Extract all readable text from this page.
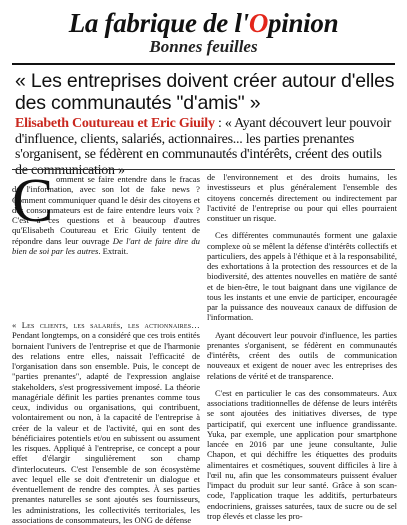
La fabrique de l'Opinion
Bonnes feuilles
« Les entreprises doivent créer autour d'elles des communautés "d'amis" »
Elisabeth Coutureau et Eric Giuily : « Ayant découvert leur pouvoir d'influence, clients, salariés, actionnaires... les parties prenantes s'organisent, se fédèrent en communautés d'intérêts, créent des outils de communication »
C omment se faire entendre dans le fracas de l'information, avec son lot de fake news ? Comment communiquer quand le désir des citoyens et des consommateurs est de faire entendre leurs voix ? C'est à ces questions et à beaucoup d'autres qu'Elisabeth Coutureau et Eric Giuily tentent de répondre dans leur ouvrage De l'art de faire dire du bien de soi par les autres. Extrait.

« Les clients, les salariés, les actionnaires… Pendant longtemps, on a considéré que ces trois entités bornaient l'univers de l'entreprise et que de l'harmonie des relations entre elles, naissait l'efficacité de l'organisation dans son ensemble. Puis, le concept de "parties prenantes", adapté de l'expression anglaise stakeholders, s'est progressivement imposé. La théorie managériale définit les parties prenantes comme tous ceux, individus ou organisations, qui contribuent, volontairement ou non, à la capacité de l'entreprise à créer de la valeur et de l'activité, qui en sont des bénéficiaires potentiels et/ou en subissent ou assument les risques. Appliqué à l'entreprise, ce concept a pour effet d'élargir singulièrement son champ d'interlocuteurs. C'est l'ensemble de son écosystème avec lequel elle se doit d'entretenir un dialogue et éventuellement de rendre des comptes. À ses parties prenantes naturelles se sont ajoutés ses fournisseurs, les administrations, les collectivités territoriales, les associations de consommateurs, les ONG de défense

de l'environnement et des droits humains, les investisseurs et plus généralement l'ensemble des citoyens concernés directement ou indirectement par l'activité de l'entreprise ou pour qui elles pourraient constituer un risque.

Ces différentes communautés forment une galaxie complexe où se mêlent la défense d'intérêts collectifs et particuliers, des appels à l'éthique et à la responsabilité, des exhortations à la protection des ressources et de la biodiversité, des attentes nouvelles en matière de santé et de bien-être, le tout baignant dans une vigilance de tous les instants et une envie de participer, encouragée par la puissance des nouveaux canaux de diffusion de l'information.

Ayant découvert leur pouvoir d'influence, les parties prenantes s'organisent, se fédèrent en communautés d'intérêts, créent des outils de communication nouveaux et exigent de nouer avec les entreprises des relations de vérité et de transparence.

C'est en particulier le cas des consommateurs. Aux associations traditionnelles de défense de leurs intérêts se sont ajoutées des initiatives diverses, de type participatif, qui exercent une influence grandissante. Yuka, par exemple, une application pour smartphone lancée en 2016 par une jeune consultante, Julie Chapon, et qui déchiffre les étiquettes des produits alimentaires et cosmétiques, souvent difficiles à lire à l'œil nu, afin que les consommateurs puissent évaluer l'impact du produit sur leur santé. Grâce à son scan-code, l'application traque les additifs, perturbateurs endocriniens, graisses saturées, taux de sucre ou de sel trop élevés et classe les pro-
